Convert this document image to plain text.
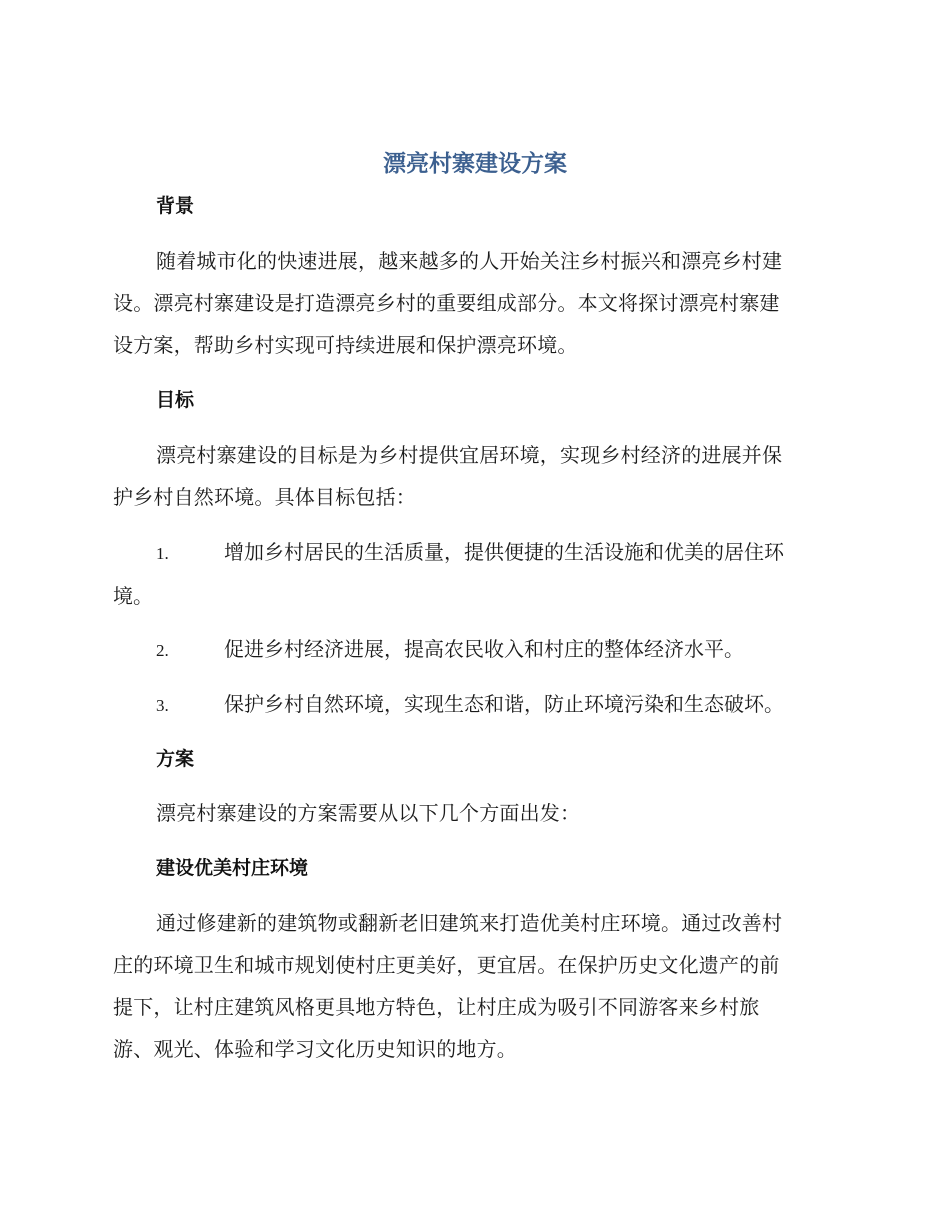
漂亮村寨建设方案
背景
随着城市化的快速进展，越来越多的人开始关注乡村振兴和漂亮乡村建
设。漂亮村寨建设是打造漂亮乡村的重要组成部分。本文将探讨漂亮村寨建
设方案，帮助乡村实现可持续进展和保护漂亮环境。
目标
漂亮村寨建设的目标是为乡村提供宜居环境，实现乡村经济的进展并保
护乡村自然环境。具体目标包括：
1.	增加乡村居民的生活质量，提供便捷的生活设施和优美的居住环
境。
2.	促进乡村经济进展，提高农民收入和村庄的整体经济水平。
3.	保护乡村自然环境，实现生态和谐，防止环境污染和生态破坏。
方案
漂亮村寨建设的方案需要从以下几个方面出发：
建设优美村庄环境
通过修建新的建筑物或翻新老旧建筑来打造优美村庄环境。通过改善村
庄的环境卫生和城市规划使村庄更美好，更宜居。在保护历史文化遗产的前
提下，让村庄建筑风格更具地方特色，让村庄成为吸引不同游客来乡村旅
游、观光、体验和学习文化历史知识的地方。
